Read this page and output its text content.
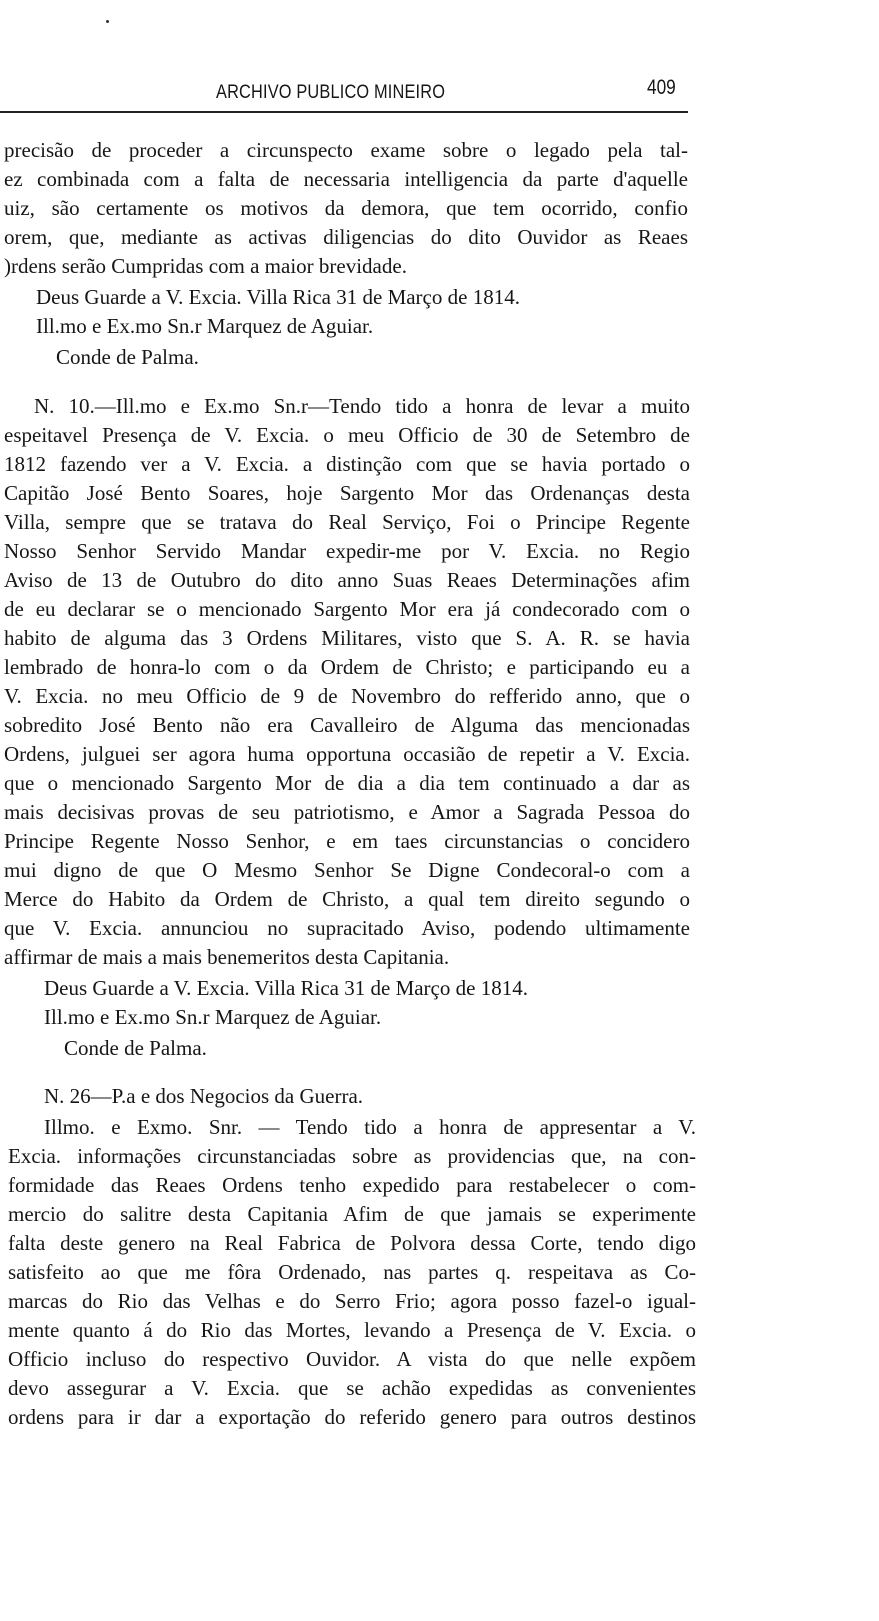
ARCHIVO PUBLICO MINEIRO	409
precisão de proceder a circunspecto exame sobre o legado pela tal-
ez combinada com a falta de necessaria intelligencia da parte d'aquelle
uiz, são certamente os motivos da demora, que tem ocorrido, confio
orem, que, mediante as activas diligencias do dito Ouvidor as Reaes
)rdens serão Cumpridas com a maior brevidade.
Deus Guarde a V. Excia. Villa Rica 31 de Março de 1814.
Ill.mo e Ex.mo Sn.r Marquez de Aguiar.
Conde de Palma.
N. 10.—Ill.mo e Ex.mo Sn.r—Tendo tido a honra de levar a muito
espeitavel Presença de V. Excia. o meu Officio de 30 de Setembro de
1812 fazendo ver a V. Excia. a distinção com que se havia portado o
Capitão José Bento Soares, hoje Sargento Mor das Ordenanças desta
Villa, sempre que se tratava do Real Serviço, Foi o Principe Regente
Nosso Senhor Servido Mandar expedir-me por V. Excia. no Regio
Aviso de 13 de Outubro do dito anno Suas Reaes Determinações afim
de eu declarar se o mencionado Sargento Mor era já condecorado com o
habito de alguma das 3 Ordens Militares, visto que S. A. R. se havia
lembrado de honra-lo com o da Ordem de Christo; e participando eu a
V. Excia. no meu Officio de 9 de Novembro do refferido anno, que o
sobredito José Bento não era Cavalleiro de Alguma das mencionadas
Ordens, julguei ser agora huma opportuna occasião de repetir a V. Excia.
que o mencionado Sargento Mor de dia a dia tem continuado a dar as
mais decisivas provas de seu patriotismo, e Amor a Sagrada Pessoa do
Principe Regente Nosso Senhor, e em taes circunstancias o concidero
mui digno de que O Mesmo Senhor Se Digne Condecoral-o com a
Merce do Habito da Ordem de Christo, a qual tem direito segundo o
que V. Excia. annunciou no supracitado Aviso, podendo ultimamente
affirmar de mais a mais benemeritos desta Capitania.
Deus Guarde a V. Excia. Villa Rica 31 de Março de 1814.
Ill.mo e Ex.mo Sn.r Marquez de Aguiar.
Conde de Palma.
N. 26—P.a e dos Negocios da Guerra.
Illmo. e Exmo. Snr. — Tendo tido a honra de appresentar a V.
Excia. informações circunstanciadas sobre as providencias que, na con-
formidade das Reaes Ordens tenho expedido para restabelecer o com-
mercio do salitre desta Capitania Afim de que jamais se experimente
falta deste genero na Real Fabrica de Polvora dessa Corte, tendo digo
satisfeito ao que me fôra Ordenado, nas partes q. respeitava as Co-
marcas do Rio das Velhas e do Serro Frio; agora posso fazel-o igual-
mente quanto á do Rio das Mortes, levando a Presença de V. Excia. o
Officio incluso do respectivo Ouvidor. A vista do que nelle expõem
devo assegurar a V. Excia. que se achão expedidas as convenientes
ordens para ir dar a exportação do referido genero para outros destinos
